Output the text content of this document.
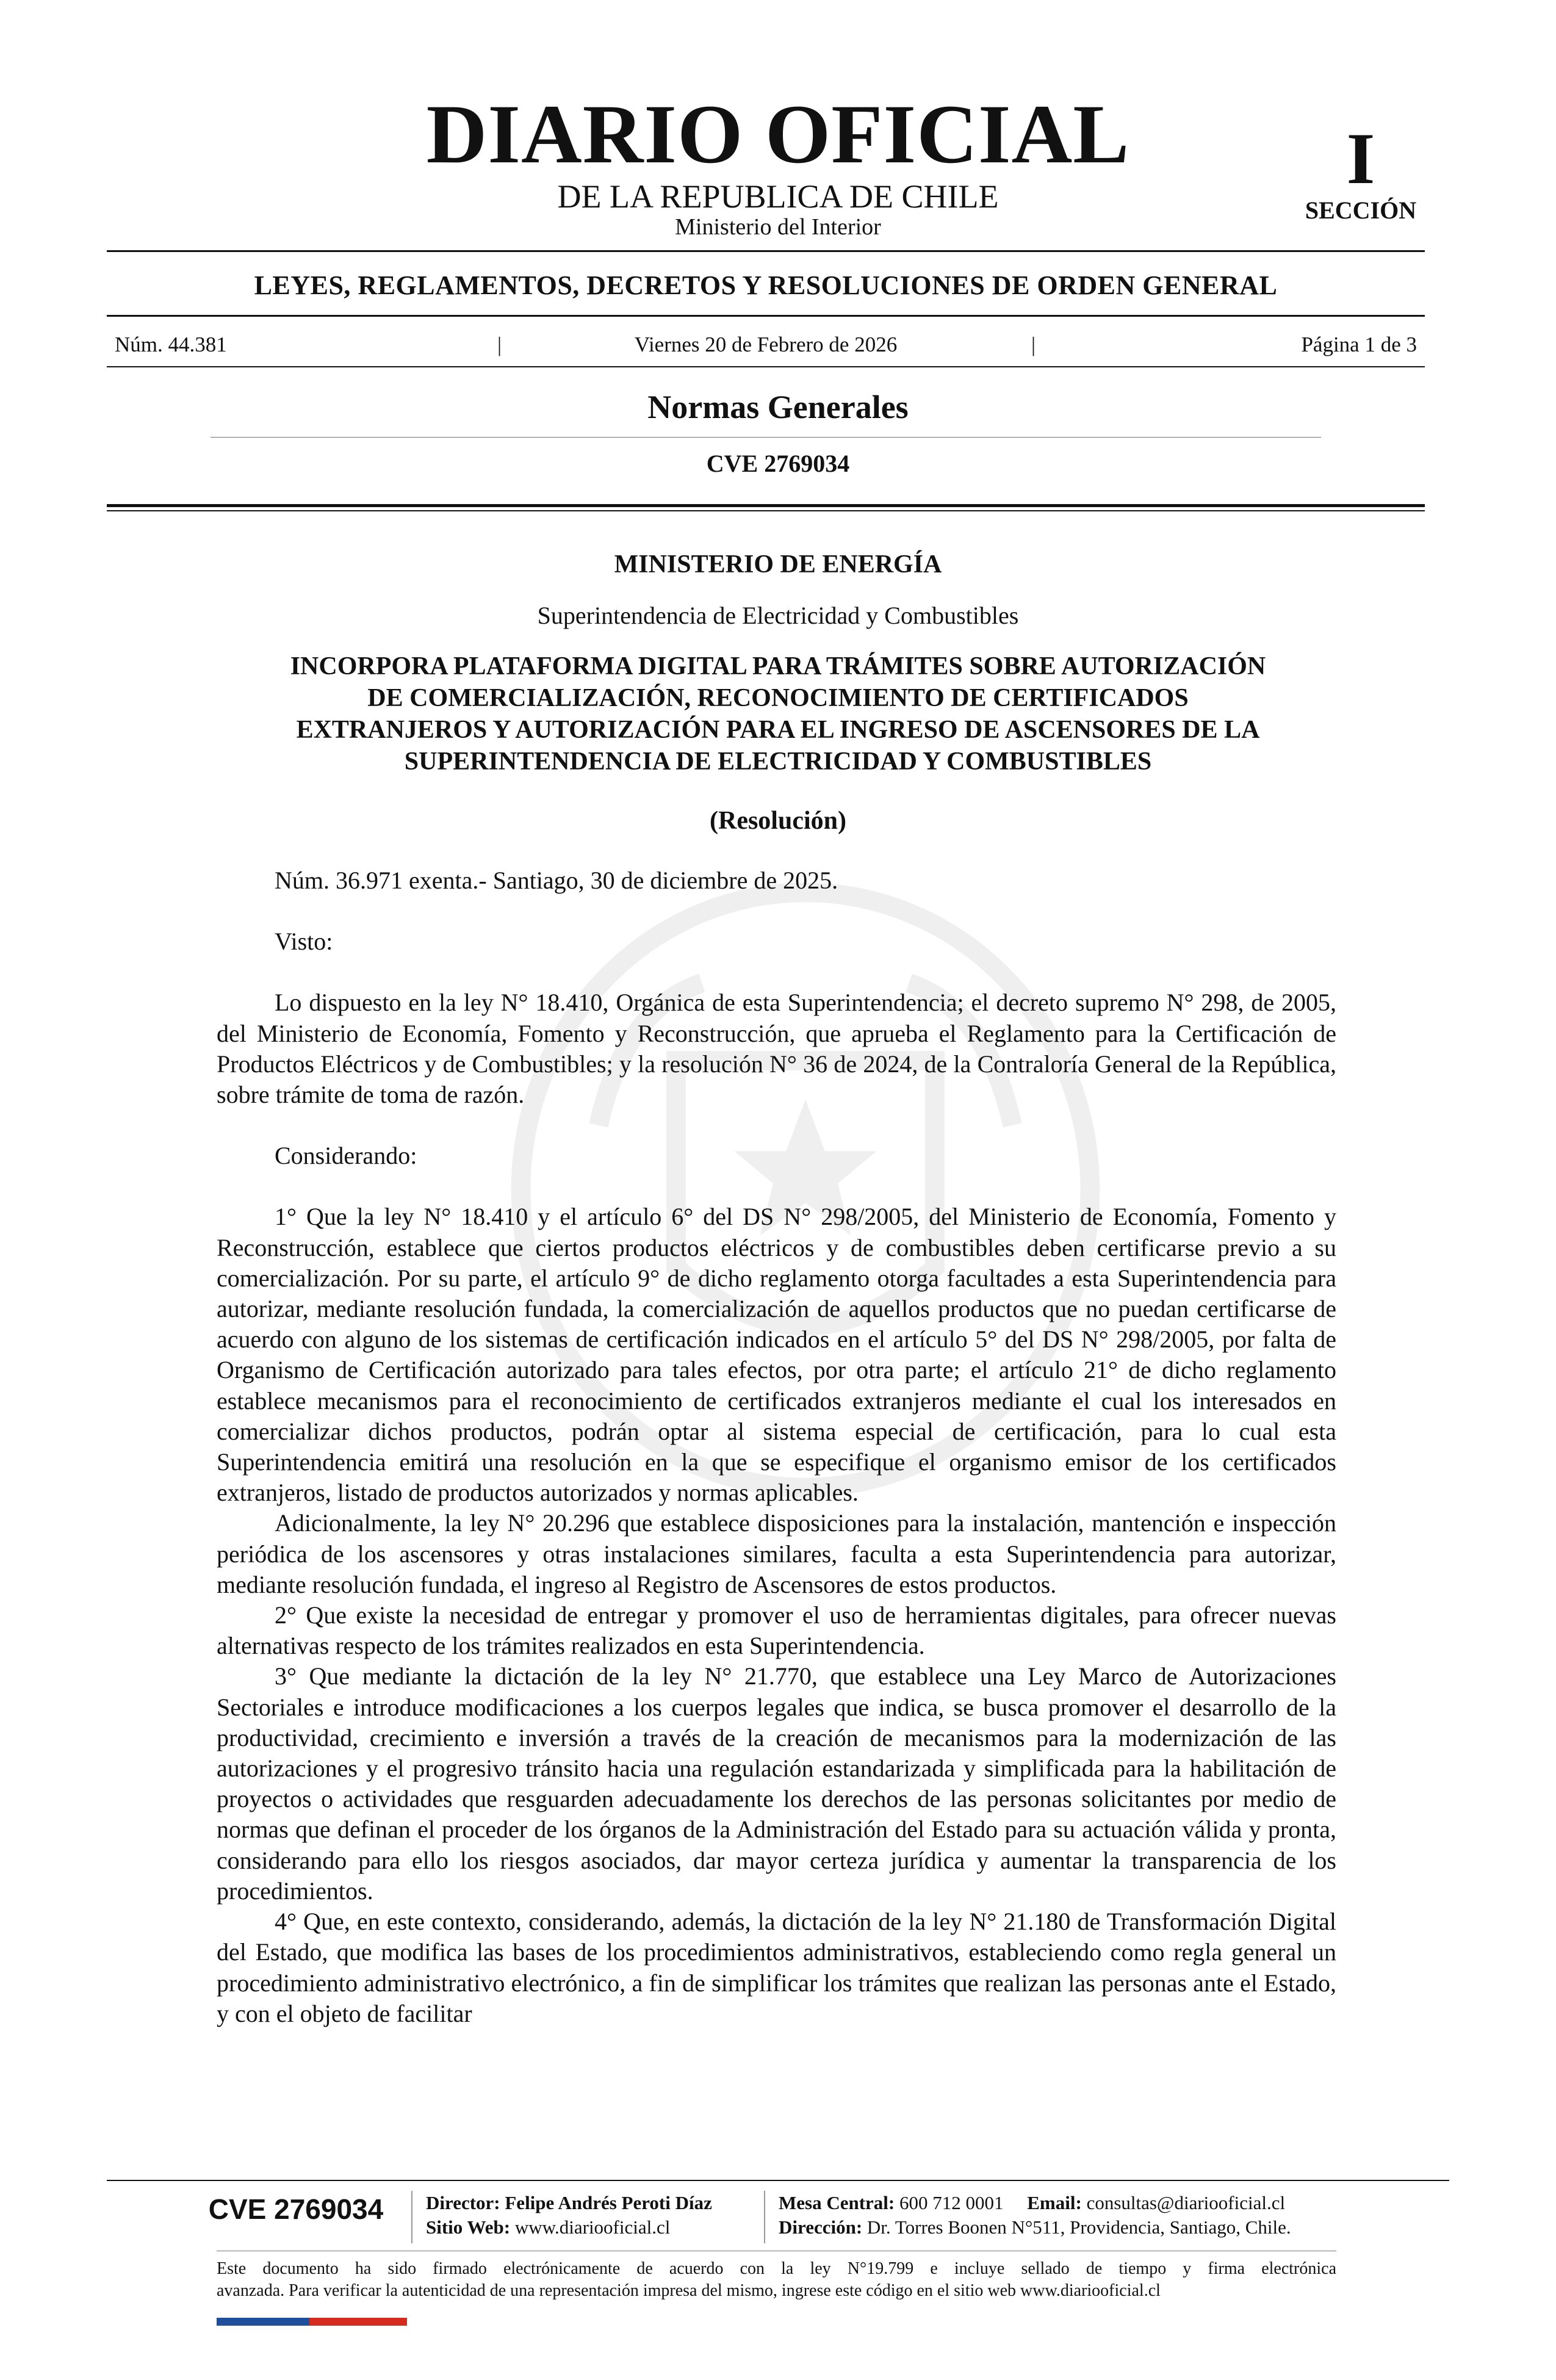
DIARIO OFICIAL
DE LA REPUBLICA DE CHILE
Ministerio del Interior
I
SECCIÓN
LEYES, REGLAMENTOS, DECRETOS Y RESOLUCIONES DE ORDEN GENERAL
Núm. 44.381	|	Viernes 20 de Febrero de 2026	|	Página 1 de 3
Normas Generales
CVE 2769034
MINISTERIO DE ENERGÍA
Superintendencia de Electricidad y Combustibles
INCORPORA PLATAFORMA DIGITAL PARA TRÁMITES SOBRE AUTORIZACIÓN
DE COMERCIALIZACIÓN, RECONOCIMIENTO DE CERTIFICADOS
EXTRANJEROS Y AUTORIZACIÓN PARA EL INGRESO DE ASCENSORES DE LA
SUPERINTENDENCIA DE ELECTRICIDAD Y COMBUSTIBLES
(Resolución)

Núm. 36.971 exenta.- Santiago, 30 de diciembre de 2025.

Visto:

Lo dispuesto en la ley N° 18.410, Orgánica de esta Superintendencia; el decreto supremo N° 298, de 2005, del Ministerio de Economía, Fomento y Reconstrucción, que aprueba el Reglamento para la Certificación de Productos Eléctricos y de Combustibles; y la resolución N° 36 de 2024, de la Contraloría General de la República, sobre trámite de toma de razón.

Considerando:

1° Que la ley N° 18.410 y el artículo 6° del DS N° 298/2005, del Ministerio de Economía, Fomento y Reconstrucción, establece que ciertos productos eléctricos y de combustibles deben certificarse previo a su comercialización. Por su parte, el artículo 9° de dicho reglamento otorga facultades a esta Superintendencia para autorizar, mediante resolución fundada, la comercialización de aquellos productos que no puedan certificarse de acuerdo con alguno de los sistemas de certificación indicados en el artículo 5° del DS N° 298/2005, por falta de Organismo de Certificación autorizado para tales efectos, por otra parte; el artículo 21° de dicho reglamento establece mecanismos para el reconocimiento de certificados extranjeros mediante el cual los interesados en comercializar dichos productos, podrán optar al sistema especial de certificación, para lo cual esta Superintendencia emitirá una resolución en la que se especifique el organismo emisor de los certificados extranjeros, listado de productos autorizados y normas aplicables.

Adicionalmente, la ley N° 20.296 que establece disposiciones para la instalación, mantención e inspección periódica de los ascensores y otras instalaciones similares, faculta a esta Superintendencia para autorizar, mediante resolución fundada, el ingreso al Registro de Ascensores de estos productos.

2° Que existe la necesidad de entregar y promover el uso de herramientas digitales, para ofrecer nuevas alternativas respecto de los trámites realizados en esta Superintendencia.

3° Que mediante la dictación de la ley N° 21.770, que establece una Ley Marco de Autorizaciones Sectoriales e introduce modificaciones a los cuerpos legales que indica, se busca promover el desarrollo de la productividad, crecimiento e inversión a través de la creación de mecanismos para la modernización de las autorizaciones y el progresivo tránsito hacia una regulación estandarizada y simplificada para la habilitación de proyectos o actividades que resguarden adecuadamente los derechos de las personas solicitantes por medio de normas que definan el proceder de los órganos de la Administración del Estado para su actuación válida y pronta, considerando para ello los riesgos asociados, dar mayor certeza jurídica y aumentar la transparencia de los procedimientos.

4° Que, en este contexto, considerando, además, la dictación de la ley N° 21.180 de Transformación Digital del Estado, que modifica las bases de los procedimientos administrativos, estableciendo como regla general un procedimiento administrativo electrónico, a fin de simplificar los trámites que realizan las personas ante el Estado, y con el objeto de facilitar

CVE 2769034	Director: Felipe Andrés Peroti Díaz
Sitio Web: www.diariooficial.cl
Mesa Central: 600 712 0001 Email: consultas@diariooficial.cl
Dirección: Dr. Torres Boonen N°511, Providencia, Santiago, Chile.
Este documento ha sido firmado electrónicamente de acuerdo con la ley N°19.799 e incluye sellado de tiempo y firma electrónica
avanzada. Para verificar la autenticidad de una representación impresa del mismo, ingrese este código en el sitio web www.diariooficial.cl
